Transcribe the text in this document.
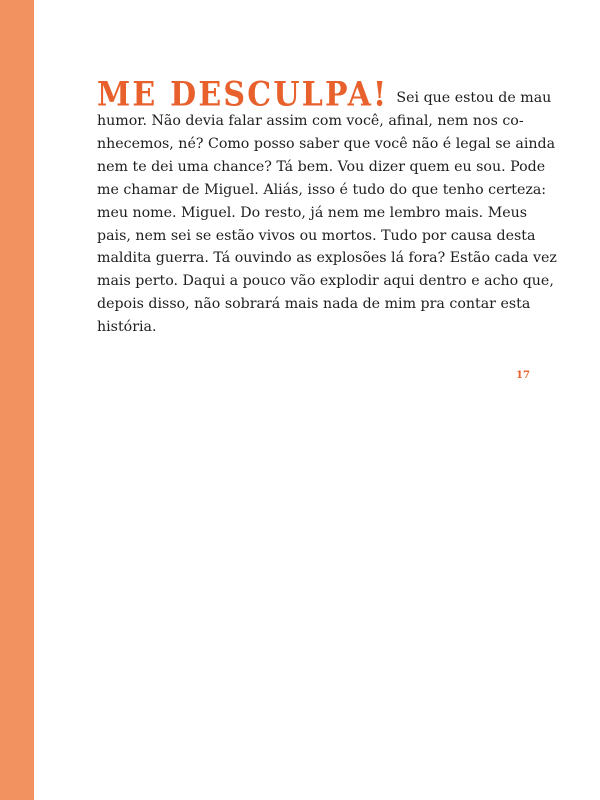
ME DESCULPA! Sei que estou de mau
humor. Não devia falar assim com você, afinal, nem nos co-
nhecemos, né? Como posso saber que você não é legal se ainda
nem te dei uma chance? Tá bem. Vou dizer quem eu sou. Pode
me chamar de Miguel. Aliás, isso é tudo do que tenho certeza:
meu nome. Miguel. Do resto, já nem me lembro mais. Meus
pais, nem sei se estão vivos ou mortos. Tudo por causa desta
maldita guerra. Tá ouvindo as explosões lá fora? Estão cada vez
mais perto. Daqui a pouco vão explodir aqui dentro e acho que,
depois disso, não sobrará mais nada de mim pra contar esta
história.
17
